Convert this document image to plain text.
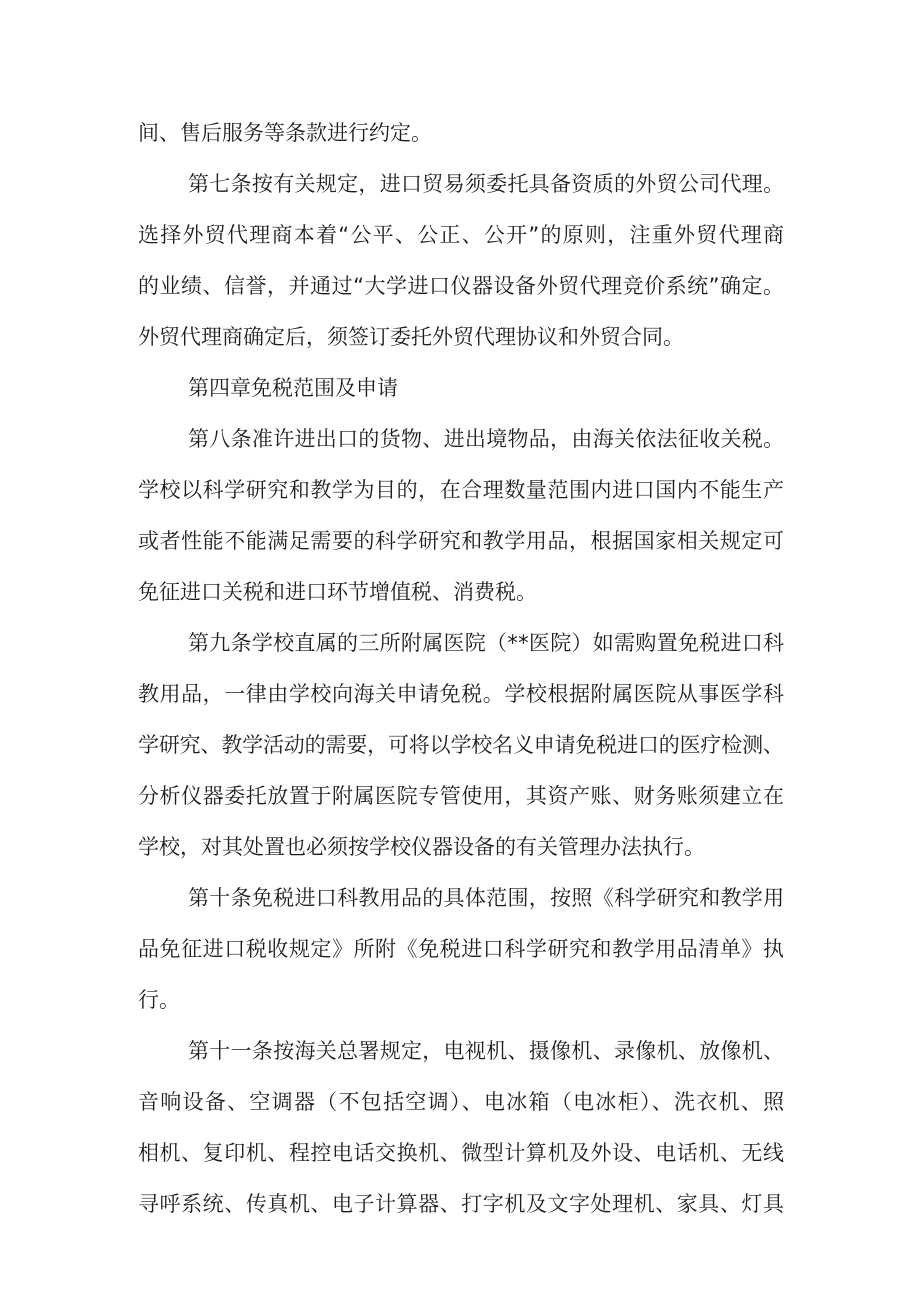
间、售后服务等条款进行约定。
第七条按有关规定，进口贸易须委托具备资质的外贸公司代理。
选择外贸代理商本着“公平、公正、公开”的原则，注重外贸代理商
的业绩、信誉，并通过“大学进口仪器设备外贸代理竞价系统”确定。
外贸代理商确定后，须签订委托外贸代理协议和外贸合同。
第四章免税范围及申请
第八条准许进出口的货物、进出境物品，由海关依法征收关税。
学校以科学研究和教学为目的，在合理数量范围内进口国内不能生产
或者性能不能满足需要的科学研究和教学用品，根据国家相关规定可
免征进口关税和进口环节增值税、消费税。
第九条学校直属的三所附属医院（**医院）如需购置免税进口科
教用品，一律由学校向海关申请免税。学校根据附属医院从事医学科
学研究、教学活动的需要，可将以学校名义申请免税进口的医疗检测、
分析仪器委托放置于附属医院专管使用，其资产账、财务账须建立在
学校，对其处置也必须按学校仪器设备的有关管理办法执行。
第十条免税进口科教用品的具体范围，按照《科学研究和教学用
品免征进口税收规定》所附《免税进口科学研究和教学用品清单》执
行。
第十一条按海关总署规定，电视机、摄像机、录像机、放像机、
音响设备、空调器（不包括空调）、电冰箱（电冰柜）、洗衣机、照
相机、复印机、程控电话交换机、微型计算机及外设、电话机、无线
寻呼系统、传真机、电子计算器、打字机及文字处理机、家具、灯具
